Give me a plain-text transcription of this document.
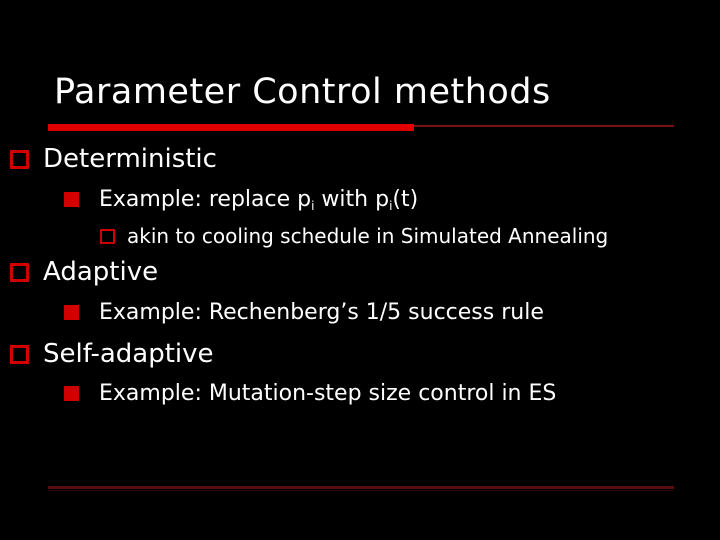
Parameter Control methods
Deterministic
Example: replace $p_i$ with $p_i(t)$
akin to cooling schedule in Simulated Annealing
Adaptive
Example: Rechenberg’s 1/5 success rule
Self-adaptive
Example: Mutation-step size control in ES
